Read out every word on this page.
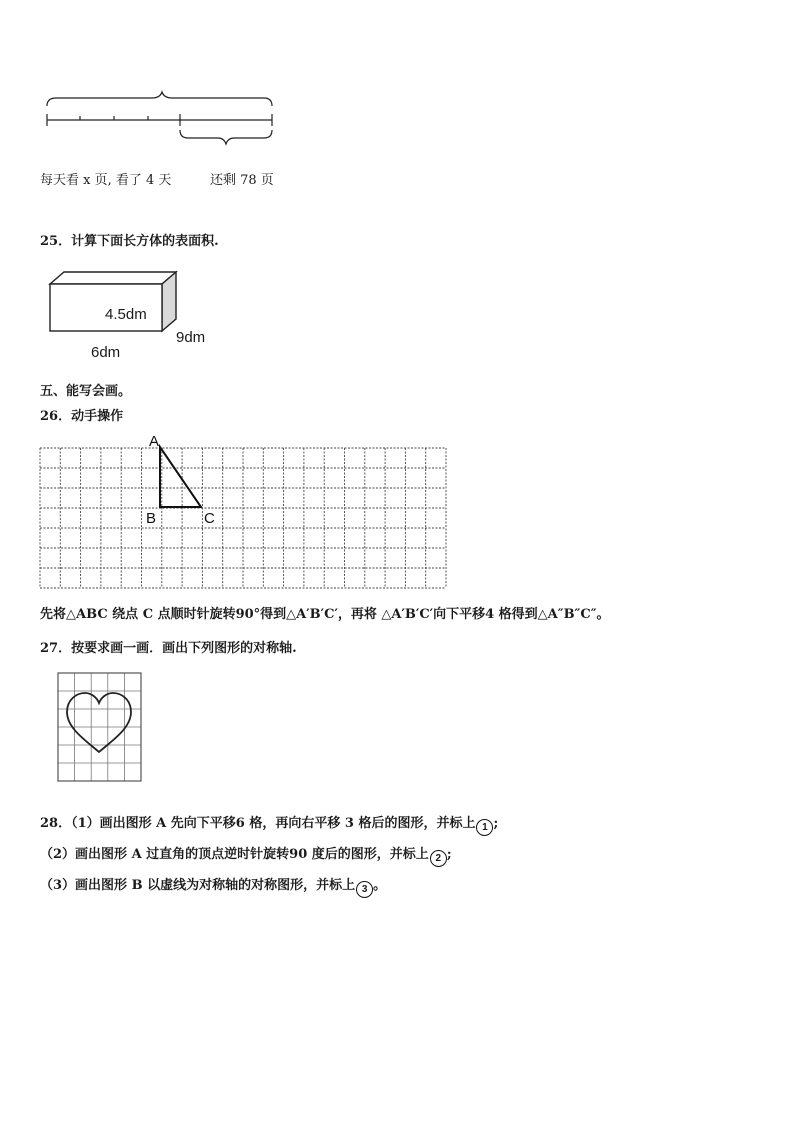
每天看 x 页, 看了 4 天	还剩 78 页
25．计算下面长方体的表面积.
4.5dm
9dm
6dm
五、能写会画。
26．动手操作
A
B	C
先将△ABC 绕点 C 点顺时针旋转90°得到△A′B′C′，再将 △A′B′C′向下平移4 格得到△A″B″C″。
27．按要求画一画．画出下列图形的对称轴.
28．（1）画出图形 A 先向下平移6 格，再向右平移 3 格后的图形，并标上 1 ;
（2）画出图形 A 过直角的顶点逆时针旋转90 度后的图形，并标上 2 ;
（3）画出图形 B 以虚线为对称轴的对称图形，并标上 3 。
